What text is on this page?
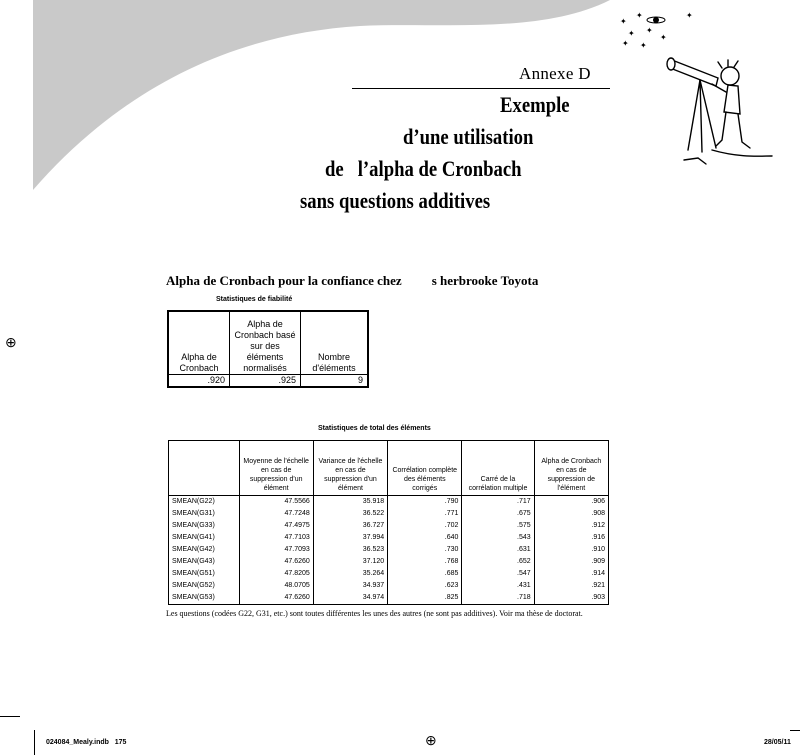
✦
✦	✦
✦ ✦
✦
✦ ✦
Annexe D
Exemple
d’une utilisation
de   l’alpha de Cronbach
sans questions additives
Alpha de Cronbach pour la confiance chez s herbrooke Toyota
Statistiques de fiabilité
Alpha de Cronbach	Alpha de Cronbach basé sur des éléments normalisés	Nombre d'éléments
.920	.925	9
Statistiques de total des éléments
	Moyenne de l'échelle en cas de suppression d'un élément	Variance de l'échelle en cas de suppression d'un élément	Corrélation complète des éléments corrigés	Carré de la corrélation multiple	Alpha de Cronbach en cas de suppression de l'élément
SMEAN(G22)	47.5566	35.918	.790	.717	.906
SMEAN(G31)	47.7248	36.522	.771	.675	.908
SMEAN(G33)	47.4975	36.727	.702	.575	.912
SMEAN(G41)	47.7103	37.994	.640	.543	.916
SMEAN(G42)	47.7093	36.523	.730	.631	.910
SMEAN(G43)	47.6260	37.120	.768	.652	.909
SMEAN(G51)	47.8205	35.264	.685	.547	.914
SMEAN(G52)	48.0705	34.937	.623	.431	.921
SMEAN(G53)	47.6260	34.974	.825	.718	.903
Les questions (codées G22, G31, etc.) sont toutes différentes les unes des autres (ne sont pas additives). Voir ma thèse de doctorat.
⊕
⊕
024084_Mealy.indb   175	28/05/11
